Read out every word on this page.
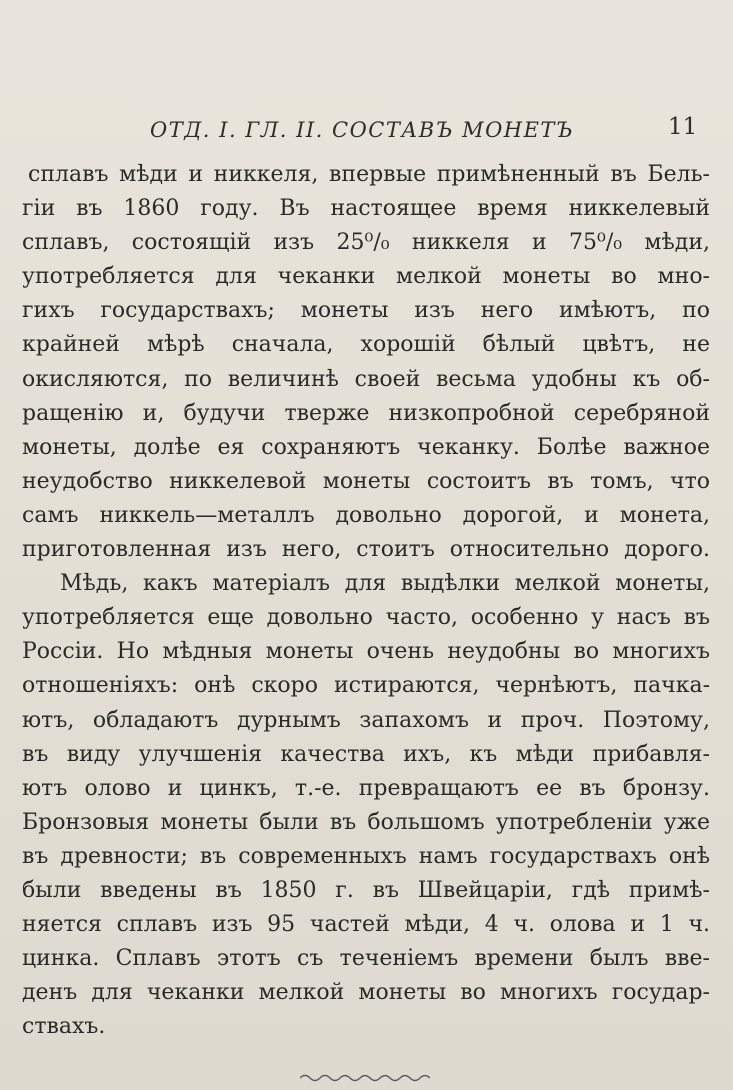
ОТД. I. ГЛ. II. СОСТАВЪ МОНЕТЪ	11
сплавъ мѣди и никкеля, впервые примѣненный въ Бель-
гіи въ 1860 году. Въ настоящее время никкелевый
сплавъ, состоящій изъ 25⁰/₀ никкеля и 75⁰/₀ мѣди,
употребляется для чеканки мелкой монеты во мно-
гихъ государствахъ; монеты изъ него имѣютъ, по
крайней мѣрѣ сначала, хорошій бѣлый цвѣтъ, не
окисляются, по величинѣ своей весьма удобны къ об-
ращенію и, будучи тверже низкопробной серебряной
монеты, долѣе ея сохраняютъ чеканку. Болѣе важное
неудобство никкелевой монеты состоитъ въ томъ, что
самъ никкель—металлъ довольно дорогой, и монета,
приготовленная изъ него, стоитъ относительно дорого.
Мѣдь, какъ матеріалъ для выдѣлки мелкой монеты,
употребляется еще довольно часто, особенно у насъ въ
Россіи. Но мѣдныя монеты очень неудобны во многихъ
отношеніяхъ: онѣ скоро истираются, чернѣютъ, пачка-
ютъ, обладаютъ дурнымъ запахомъ и проч. Поэтому,
въ виду улучшенія качества ихъ, къ мѣди прибавля-
ютъ олово и цинкъ, т.-е. превращаютъ ее въ бронзу.
Бронзовыя монеты были въ большомъ употребленіи уже
въ древности; въ современныхъ намъ государствахъ онѣ
были введены въ 1850 г. въ Швейцаріи, гдѣ примѣ-
няется сплавъ изъ 95 частей мѣди, 4 ч. олова и 1 ч.
цинка. Сплавъ этотъ съ теченіемъ времени былъ вве-
денъ для чеканки мелкой монеты во многихъ государ-
ствахъ.
